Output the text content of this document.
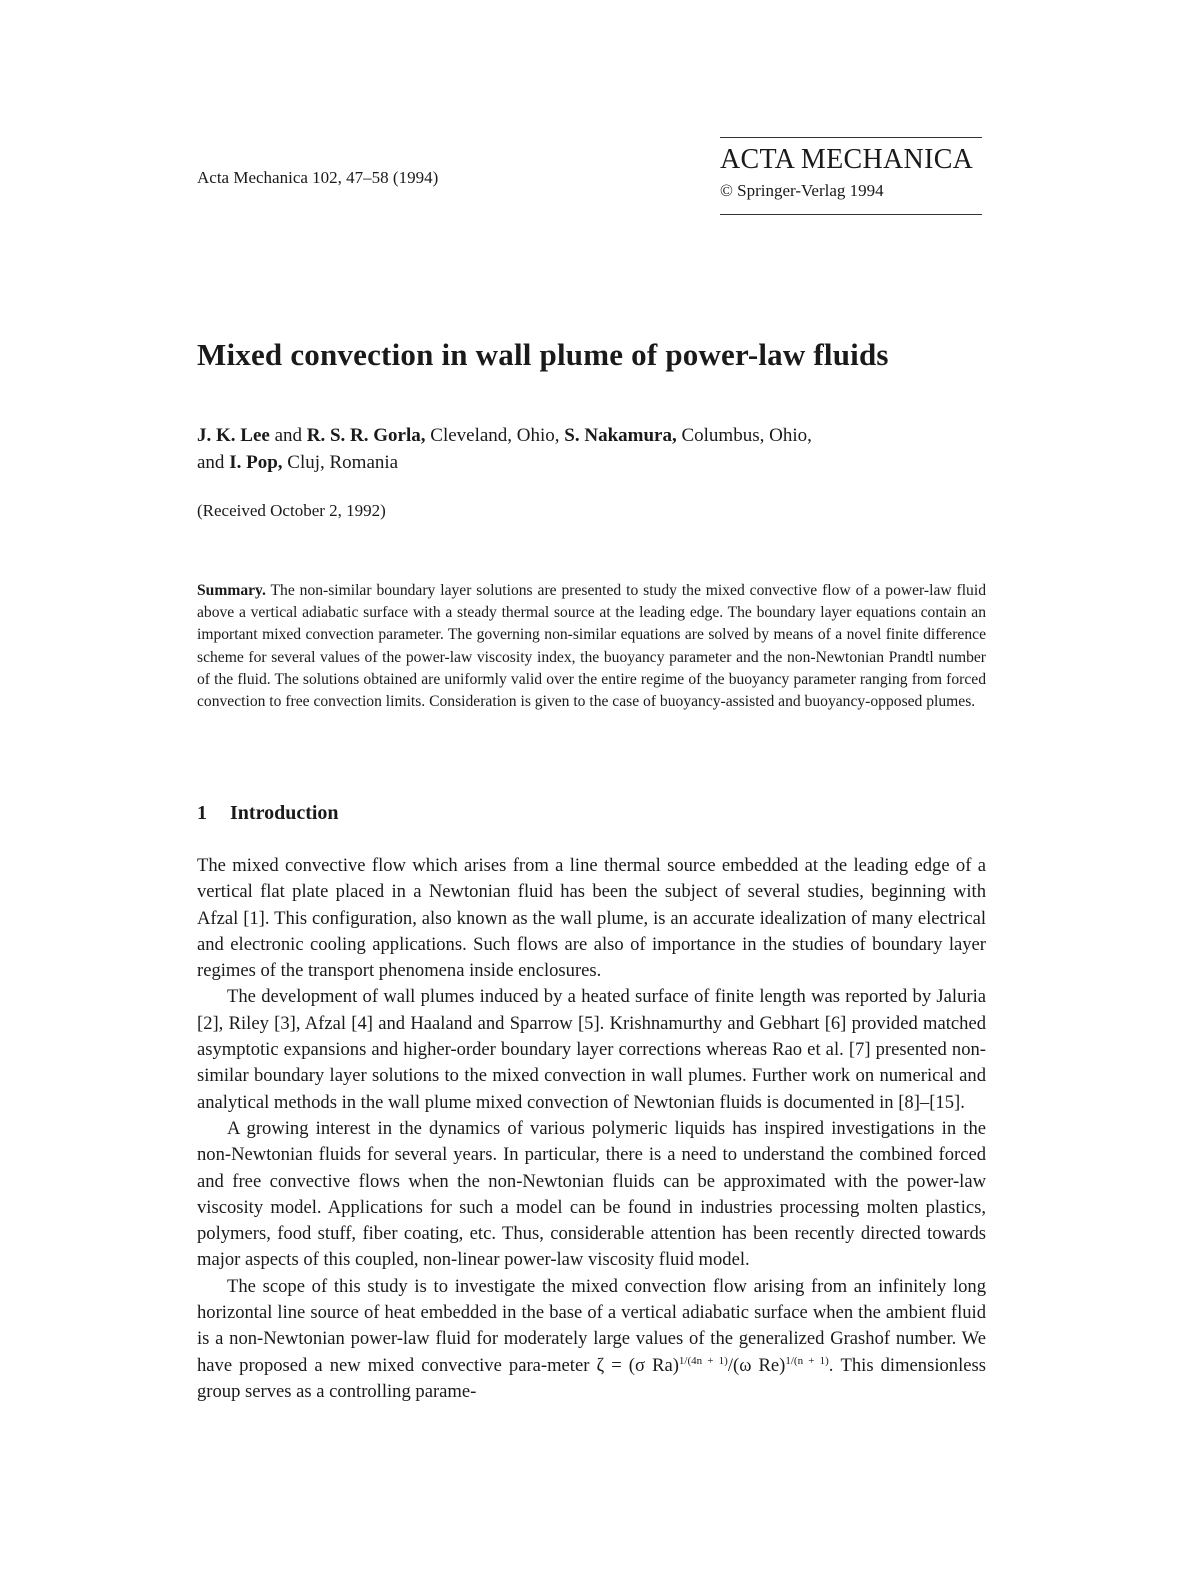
Acta Mechanica 102, 47–58 (1994)
ACTA MECHANICA
© Springer-Verlag 1994
Mixed convection in wall plume of power-law fluids
J. K. Lee and R. S. R. Gorla, Cleveland, Ohio, S. Nakamura, Columbus, Ohio,
and I. Pop, Cluj, Romania
(Received October 2, 1992)
Summary. The non-similar boundary layer solutions are presented to study the mixed convective flow of a power-law fluid above a vertical adiabatic surface with a steady thermal source at the leading edge. The boundary layer equations contain an important mixed convection parameter. The governing non-similar equations are solved by means of a novel finite difference scheme for several values of the power-law viscosity index, the buoyancy parameter and the non-Newtonian Prandtl number of the fluid. The solutions obtained are uniformly valid over the entire regime of the buoyancy parameter ranging from forced convection to free convection limits. Consideration is given to the case of buoyancy-assisted and buoyancy-opposed plumes.
1 Introduction

The mixed convective flow which arises from a line thermal source embedded at the leading edge of a vertical flat plate placed in a Newtonian fluid has been the subject of several studies, beginning with Afzal [1]. This configuration, also known as the wall plume, is an accurate idealization of many electrical and electronic cooling applications. Such flows are also of importance in the studies of boundary layer regimes of the transport phenomena inside enclosures.

The development of wall plumes induced by a heated surface of finite length was reported by Jaluria [2], Riley [3], Afzal [4] and Haaland and Sparrow [5]. Krishnamurthy and Gebhart [6] provided matched asymptotic expansions and higher-order boundary layer corrections whereas Rao et al. [7] presented non-similar boundary layer solutions to the mixed convection in wall plumes. Further work on numerical and analytical methods in the wall plume mixed convection of Newtonian fluids is documented in [8]–[15].

A growing interest in the dynamics of various polymeric liquids has inspired investigations in the non-Newtonian fluids for several years. In particular, there is a need to understand the combined forced and free convective flows when the non-Newtonian fluids can be approximated with the power-law viscosity model. Applications for such a model can be found in industries processing molten plastics, polymers, food stuff, fiber coating, etc. Thus, considerable attention has been recently directed towards major aspects of this coupled, non-linear power-law viscosity fluid model.

The scope of this study is to investigate the mixed convection flow arising from an infinitely long horizontal line source of heat embedded in the base of a vertical adiabatic surface when the ambient fluid is a non-Newtonian power-law fluid for moderately large values of the generalized Grashof number. We have proposed a new mixed convective para-meter ζ = (σ Ra)$^{1/(4n + 1)}$/(ω Re)$^{1/(n + 1)}$. This dimensionless group serves as a controlling parame-
